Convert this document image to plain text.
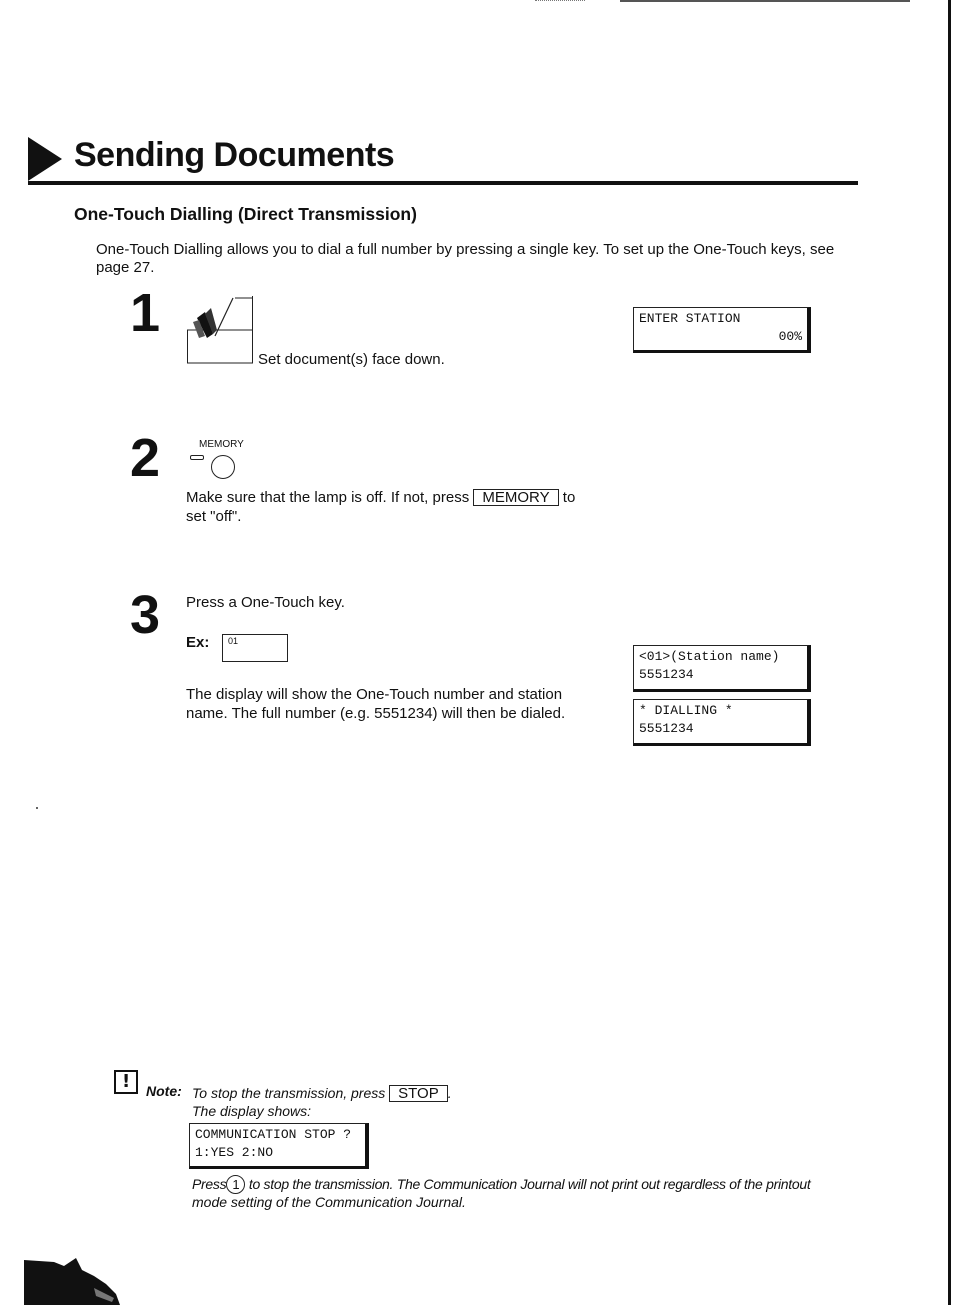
Sending Documents
One-Touch Dialling (Direct Transmission)
One-Touch Dialling allows you to dial a full number by pressing a single key. To set up the One-Touch keys, see page 27.
1
Set document(s) face down.
ENTER STATION
00%
2	MEMORY
Make sure that the lamp is off. If not, press MEMORY to
set "off".
3 Press a One-Touch key.
Ex: 01
The display will show the One-Touch number and station
name. The full number (e.g. 5551234) will then be dialed.
<01>(Station name)
5551234
* DIALLING *
5551234
! Note: To stop the transmission, press STOP .
The display shows:
COMMUNICATION STOP ?
1:YES 2:NO
Press 1 to stop the transmission. The Communication Journal will not print out regardless of the printout
mode setting of the Communication Journal.
